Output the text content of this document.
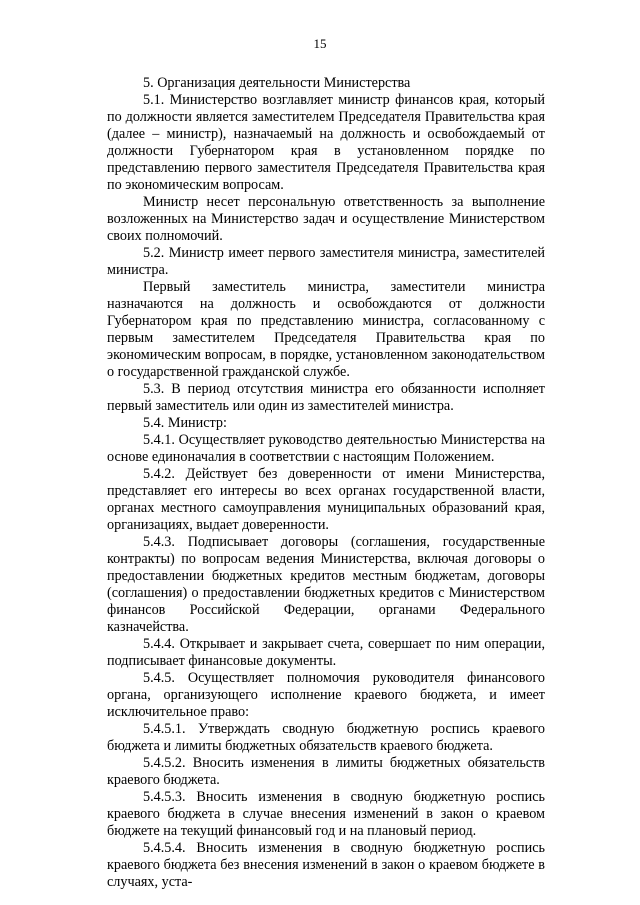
15

5. Организация деятельности Министерства

5.1. Министерство возглавляет министр финансов края, который по должности является заместителем Председателя Правительства края (далее – министр), назначаемый на должность и освобождаемый от должности Губернатором края в установленном порядке по представлению первого заместителя Председателя Правительства края по экономическим вопросам.

Министр несет персональную ответственность за выполнение возложенных на Министерство задач и осуществление Министерством своих полномочий.

5.2. Министр имеет первого заместителя министра, заместителей министра.

Первый заместитель министра, заместители министра назначаются на должность и освобождаются от должности Губернатором края по представлению министра, согласованному с первым заместителем Председателя Правительства края по экономическим вопросам, в порядке, установленном законодательством о государственной гражданской службе.

5.3. В период отсутствия министра его обязанности исполняет первый заместитель или один из заместителей министра.

5.4. Министр:

5.4.1. Осуществляет руководство деятельностью Министерства на основе единоначалия в соответствии с настоящим Положением.

5.4.2. Действует без доверенности от имени Министерства, представляет его интересы во всех органах государственной власти, органах местного самоуправления муниципальных образований края, организациях, выдает доверенности.

5.4.3. Подписывает договоры (соглашения, государственные контракты) по вопросам ведения Министерства, включая договоры о предоставлении бюджетных кредитов местным бюджетам, договоры (соглашения) о предоставлении бюджетных кредитов с Министерством финансов Российской Федерации, органами Федерального казначейства.

5.4.4. Открывает и закрывает счета, совершает по ним операции, подписывает финансовые документы.

5.4.5. Осуществляет полномочия руководителя финансового органа, организующего исполнение краевого бюджета, и имеет исключительное право:

5.4.5.1. Утверждать сводную бюджетную роспись краевого бюджета и лимиты бюджетных обязательств краевого бюджета.

5.4.5.2. Вносить изменения в лимиты бюджетных обязательств краевого бюджета.

5.4.5.3. Вносить изменения в сводную бюджетную роспись краевого бюджета в случае внесения изменений в закон о краевом бюджете на текущий финансовый год и на плановый период.

5.4.5.4. Вносить изменения в сводную бюджетную роспись краевого бюджета без внесения изменений в закон о краевом бюджете в случаях, уста-
